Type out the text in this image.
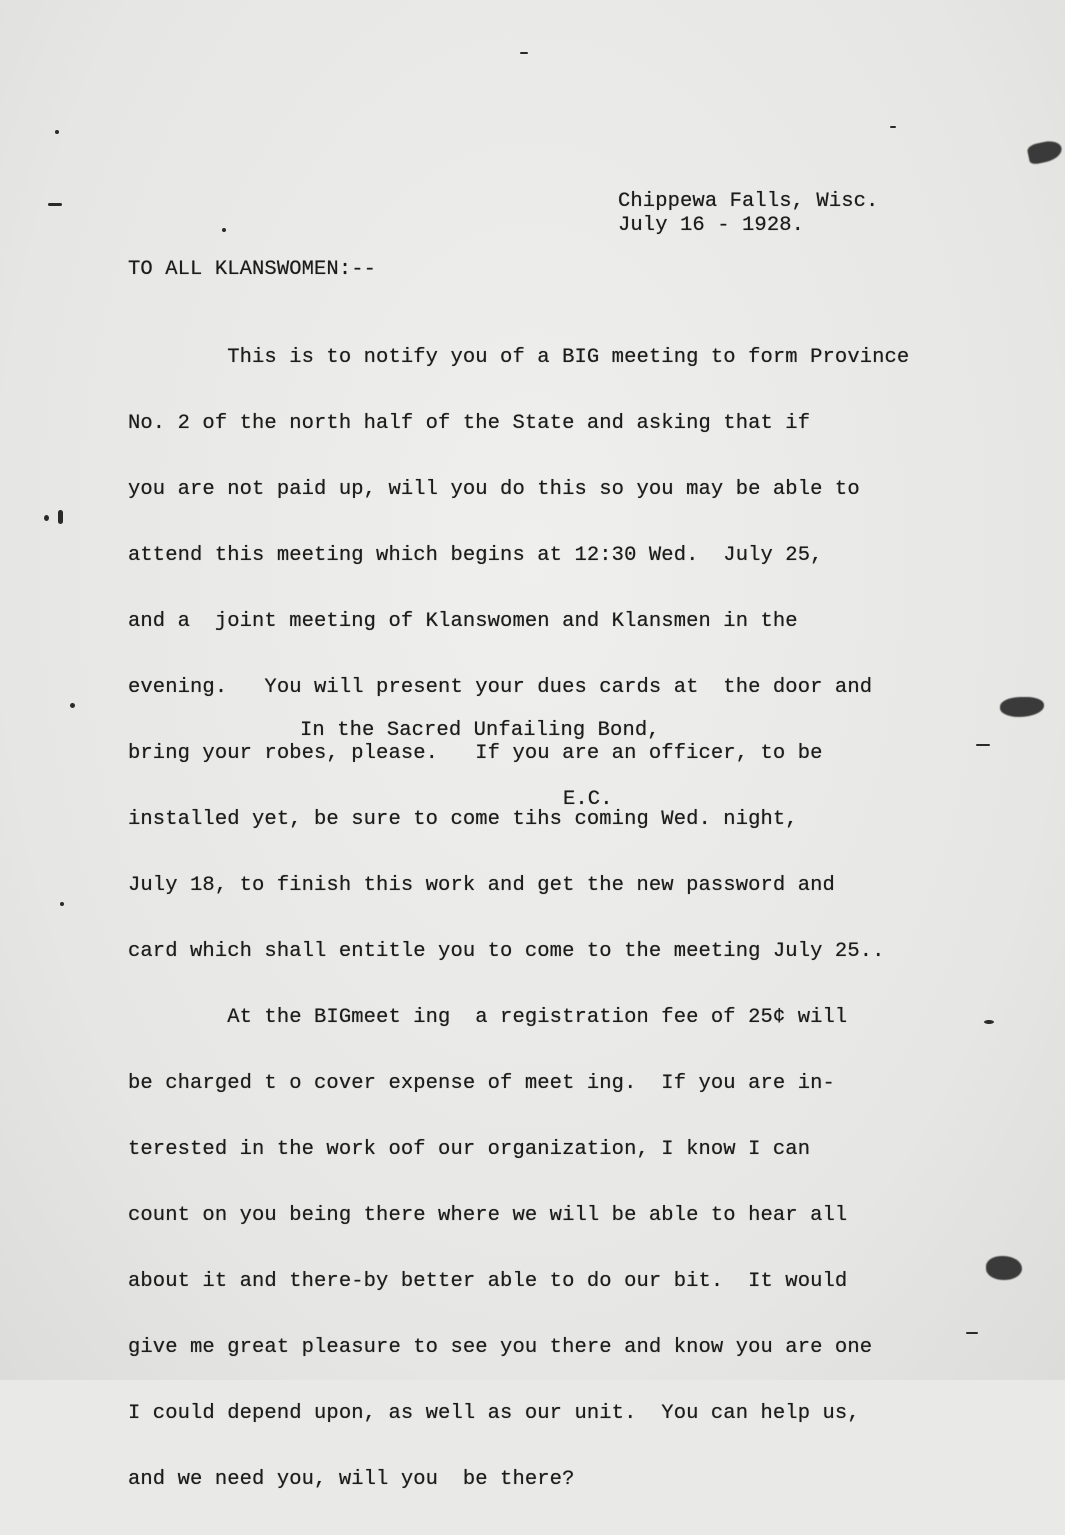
Chippewa Falls, Wisc.

July 16 - 1928.

TO ALL KLANSWOMEN:--

This is to notify you of a BIG meeting to form Province

No. 2 of the north half of the State and asking that if

you are not paid up, will you do this so you may be able to

attend this meeting which begins at 12:30 Wed.  July 25,

and a  joint meeting of Klanswomen and Klansmen in the

evening.   You will present your dues cards at  the door and

bring your robes, please.   If you are an officer, to be

installed yet, be sure to come tihs coming Wed. night,

July 18, to finish this work and get the new password and

card which shall entitle you to come to the meeting July 25..

At the BIGmeet ing  a registration fee of 25¢ will

be charged t o cover expense of meet ing.  If you are in-

terested in the work oof our organization, I know I can

count on you being there where we will be able to hear all

about it and there-by better able to do our bit.  It would

give me great pleasure to see you there and know you are one

I could depend upon, as well as our unit.  You can help us,

and we need you, will you  be there?

In the Sacred Unfailing Bond,

E.C.
